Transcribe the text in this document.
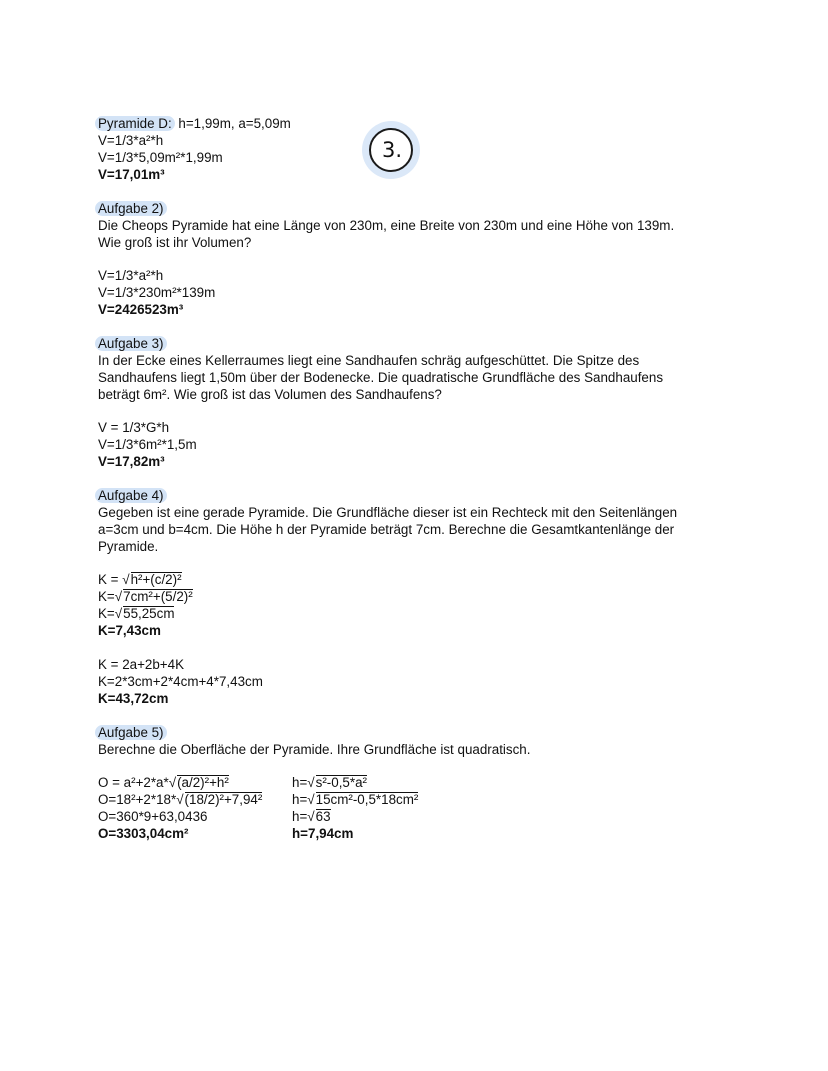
3.
Pyramide D: h=1,99m, a=5,09m
V=1/3*a²*h
V=1/3*5,09m²*1,99m
V=17,01m³
Aufgabe 2)
Die Cheops Pyramide hat eine Länge von 230m, eine Breite von 230m und eine Höhe von 139m.
Wie groß ist ihr Volumen?
V=1/3*a²*h
V=1/3*230m²*139m
V=2426523m³
Aufgabe 3)
In der Ecke eines Kellerraumes liegt eine Sandhaufen schräg aufgeschüttet. Die Spitze des
Sandhaufens liegt 1,50m über der Bodenecke. Die quadratische Grundfläche des Sandhaufens
beträgt 6m². Wie groß ist das Volumen des Sandhaufens?
V = 1/3*G*h
V=1/3*6m²*1,5m
V=17,82m³
Aufgabe 4)
Gegeben ist eine gerade Pyramide. Die Grundfläche dieser ist ein Rechteck mit den Seitenlängen
a=3cm und b=4cm. Die Höhe h der Pyramide beträgt 7cm. Berechne die Gesamtkantenlänge der
Pyramide.
K = √h²+(c/2)²
K=√7cm²+(5/2)²
K=√55,25cm
K=7,43cm
K = 2a+2b+4K
K=2*3cm+2*4cm+4*7,43cm
K=43,72cm
Aufgabe 5)
Berechne die Oberfläche der Pyramide. Ihre Grundfläche ist quadratisch.
O = a²+2*a*√(a/2)²+h²
O=18²+2*18*√(18/2)²+7,94²
O=360*9+63,0436
O=3303,04cm²
h=√s²-0,5*a²
h=√15cm²-0,5*18cm²
h=√63
h=7,94cm
